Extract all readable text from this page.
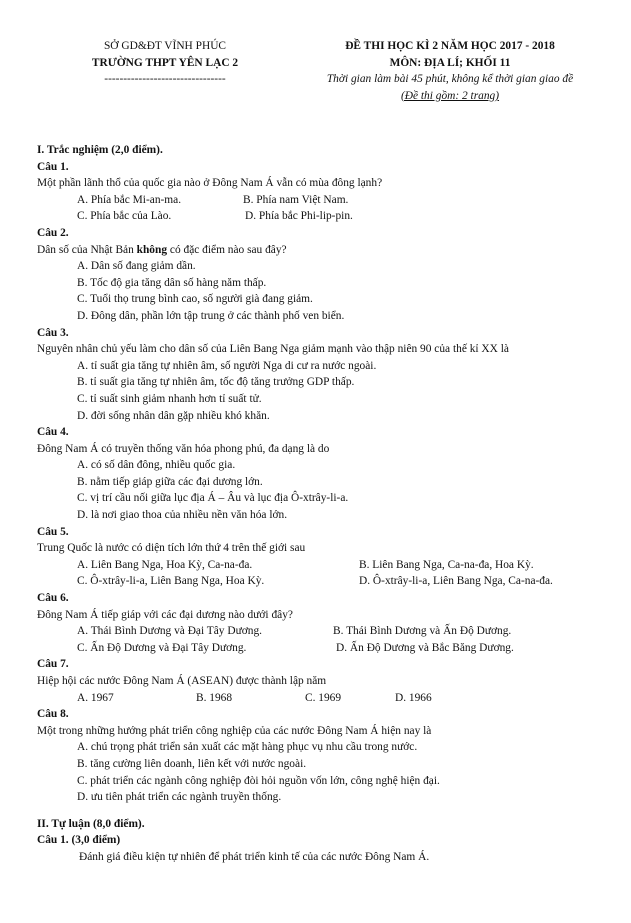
SỞ GD&ĐT VĨNH PHÚC
TRƯỜNG THPT YÊN LẠC 2
--------------------------------
ĐỀ THI HỌC KÌ 2 NĂM HỌC 2017 - 2018
MÔN: ĐỊA LÍ; KHỐI 11
Thời gian làm bài 45 phút, không kể thời gian giao đề
(Đề thi gồm: 2 trang)
I. Trắc nghiệm (2,0 điểm).
Câu 1.
Một phần lãnh thổ của quốc gia nào ở Đông Nam Á vẫn có mùa đông lạnh?
A. Phía bắc Mi-an-ma.	B. Phía nam Việt Nam.
C. Phía bắc của Lào.	D. Phía bắc Phi-lip-pin.
Câu 2.
Dân số của Nhật Bản không có đặc điểm nào sau đây?
A. Dân số đang giảm dần.
B. Tốc độ gia tăng dân số hàng năm thấp.
C. Tuổi thọ trung bình cao, số người già đang giảm.
D. Đông dân, phần lớn tập trung ở các thành phố ven biển.
Câu 3.
Nguyên nhân chủ yếu làm cho dân số của Liên Bang Nga giảm mạnh vào thập niên 90 của thế kỉ XX là
A. tỉ suất gia tăng tự nhiên âm, số người Nga di cư ra nước ngoài.
B. tỉ suất gia tăng tự nhiên âm, tốc độ tăng trưởng GDP thấp.
C. tỉ suất sinh giảm nhanh hơn tỉ suất tử.
D. đời sống nhân dân gặp nhiều khó khăn.
Câu 4.
Đông Nam Á có truyền thống văn hóa phong phú, đa dạng là do
A. có số dân đông, nhiều quốc gia.
B. nằm tiếp giáp giữa các đại dương lớn.
C. vị trí cầu nối giữa lục địa Á – Âu và lục địa Ô-xtrây-li-a.
D. là nơi giao thoa của nhiều nền văn hóa lớn.
Câu 5.
Trung Quốc là nước có diện tích lớn thứ 4 trên thế giới sau
A. Liên Bang Nga, Hoa Kỳ, Ca-na-đa.	B. Liên Bang Nga, Ca-na-đa, Hoa Kỳ.
C. Ô-xtrây-li-a, Liên Bang Nga, Hoa Kỳ.	D. Ô-xtrây-li-a, Liên Bang Nga, Ca-na-đa.
Câu 6.
Đông Nam Á tiếp giáp với các đại dương nào dưới đây?
A. Thái Bình Dương và Đại Tây Dương.	B. Thái Bình Dương và Ấn Độ Dương.
C. Ấn Độ Dương và Đại Tây Dương.	D. Ấn Độ Dương và Bắc Băng Dương.
Câu 7.
Hiệp hội các nước Đông Nam Á (ASEAN) được thành lập năm
A. 1967	B. 1968	C. 1969	D. 1966
Câu 8.
Một trong những hướng phát triển công nghiệp của các nước Đông Nam Á hiện nay là
A. chú trọng phát triển sản xuất các mặt hàng phục vụ nhu cầu trong nước.
B. tăng cường liên doanh, liên kết với nước ngoài.
C. phát triển các ngành công nghiệp đòi hỏi nguồn vốn lớn, công nghệ hiện đại.
D. ưu tiên phát triển các ngành truyền thống.
II. Tự luận (8,0 điểm).
Câu 1. (3,0 điểm)
Đánh giá điều kiện tự nhiên để phát triển kinh tế của các nước Đông Nam Á.
